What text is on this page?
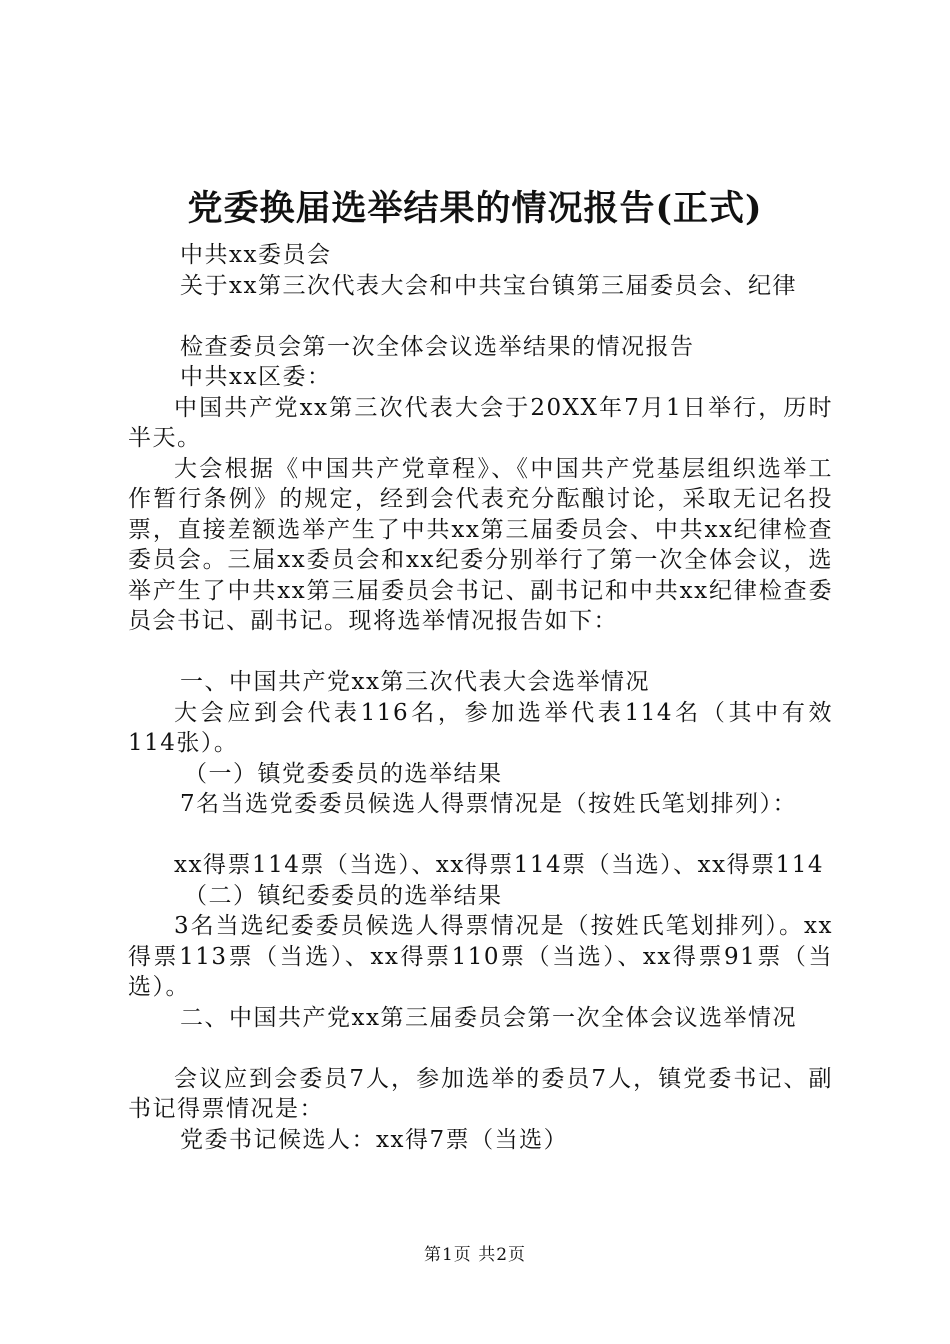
党委换届选举结果的情况报告(正式)
中共xx委员会
关于xx第三次代表大会和中共宝台镇第三届委员会、纪律
检查委员会第一次全体会议选举结果的情况报告
中共xx区委：
中国共产党xx第三次代表大会于20XX年7月1日举行，历时半天。
大会根据《中国共产党章程》、《中国共产党基层组织选举工作暂行条例》的规定，经到会代表充分酝酿讨论，采取无记名投票，直接差额选举产生了中共xx第三届委员会、中共xx纪律检查委员会。三届xx委员会和xx纪委分别举行了第一次全体会议，选举产生了中共xx第三届委员会书记、副书记和中共xx纪律检查委员会书记、副书记。现将选举情况报告如下：
一、中国共产党xx第三次代表大会选举情况
大会应到会代表116名，参加选举代表114名（其中有效114张）。
（一）镇党委委员的选举结果
7名当选党委委员候选人得票情况是（按姓氏笔划排列）：
xx得票114票（当选）、xx得票114票（当选）、xx得票114
（二）镇纪委委员的选举结果
3名当选纪委委员候选人得票情况是（按姓氏笔划排列）。xx得票113票（当选）、xx得票110票（当选）、xx得票91票（当选）。
二、中国共产党xx第三届委员会第一次全体会议选举情况
会议应到会委员7人，参加选举的委员7人，镇党委书记、副书记得票情况是：
党委书记候选人：xx得7票（当选）
第1页 共2页
